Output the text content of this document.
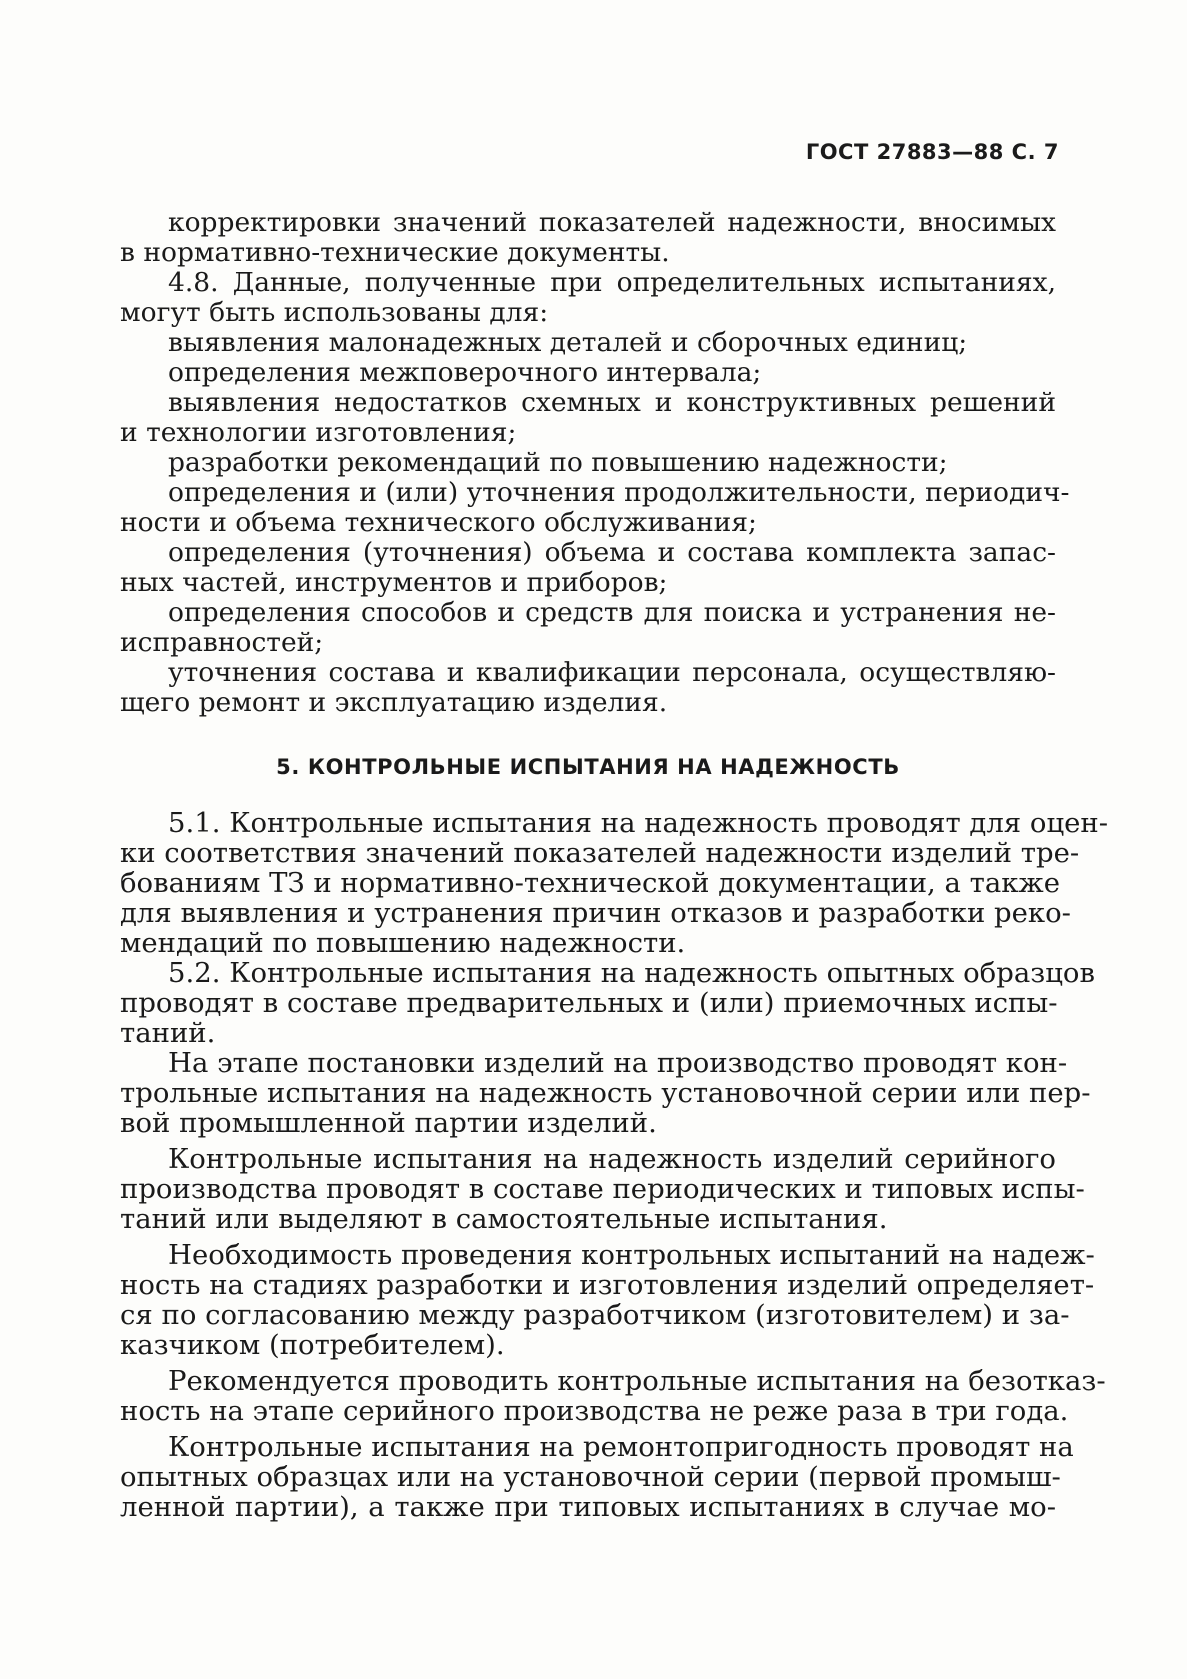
ГОСТ 27883—88 С. 7
корректировки значений показателей надежности, вносимых
в нормативно-технические документы.
4.8. Данные, полученные при определительных испытаниях,
могут быть использованы для:
выявления малонадежных деталей и сборочных единиц;
определения межповерочного интервала;
выявления недостатков схемных и конструктивных решений
и технологии изготовления;
разработки рекомендаций по повышению надежности;
определения и (или) уточнения продолжительности, периодич-
ности и объема технического обслуживания;
определения (уточнения) объема и состава комплекта запас-
ных частей, инструментов и приборов;
определения способов и средств для поиска и устранения не-
исправностей;
уточнения состава и квалификации персонала, осуществляю-
щего ремонт и эксплуатацию изделия.
5. КОНТРОЛЬНЫЕ ИСПЫТАНИЯ НА НАДЕЖНОСТЬ
5.1. Контрольные испытания на надежность проводят для оцен-
ки соответствия значений показателей надежности изделий тре-
бованиям ТЗ и нормативно-технической документации, а также
для выявления и устранения причин отказов и разработки реко-
мендаций по повышению надежности.
5.2. Контрольные испытания на надежность опытных образцов
проводят в составе предварительных и (или) приемочных испы-
таний.
На этапе постановки изделий на производство проводят кон-
трольные испытания на надежность установочной серии или пер-
вой промышленной партии изделий.
Контрольные испытания на надежность изделий серийного
производства проводят в составе периодических и типовых испы-
таний или выделяют в самостоятельные испытания.
Необходимость проведения контрольных испытаний на надеж-
ность на стадиях разработки и изготовления изделий определяет-
ся по согласованию между разработчиком (изготовителем) и за-
казчиком (потребителем).
Рекомендуется проводить контрольные испытания на безотказ-
ность на этапе серийного производства не реже раза в три года.
Контрольные испытания на ремонтопригодность проводят на
опытных образцах или на установочной серии (первой промыш-
ленной партии), а также при типовых испытаниях в случае мо-
